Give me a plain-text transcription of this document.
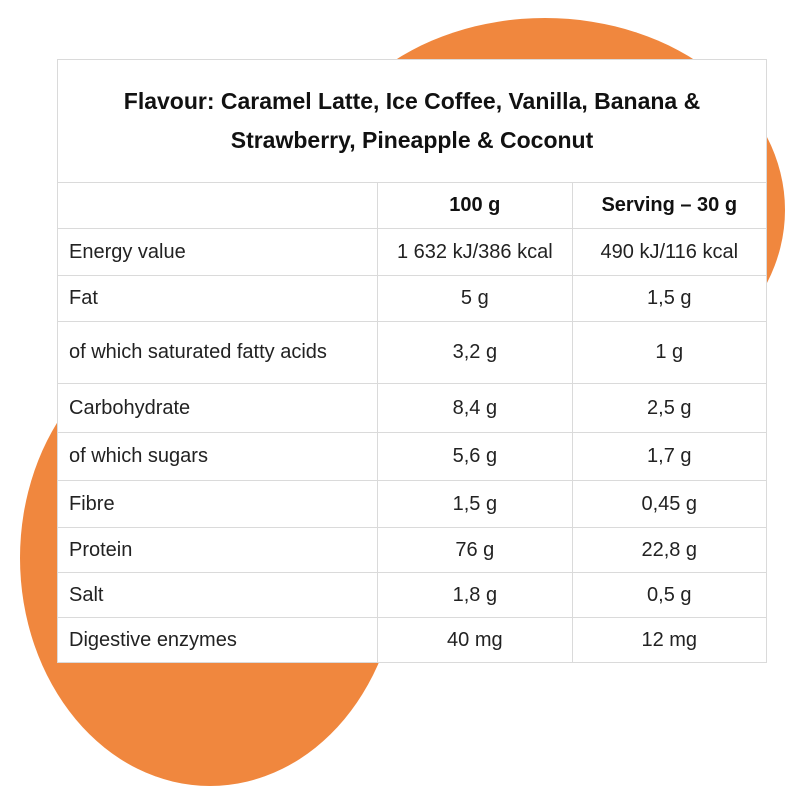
Flavour: Caramel Latte, Ice Coffee, Vanilla, Banana & Strawberry, Pineapple & Coconut
100 g	Serving – 30 g
Energy value	1 632 kJ/386 kcal	490 kJ/116 kcal
Fat	5 g	1,5 g
of which saturated fatty acids	3,2 g	1 g
Carbohydrate	8,4 g	2,5 g
of which sugars	5,6 g	1,7 g
Fibre	1,5 g	0,45 g
Protein	76 g	22,8 g
Salt	1,8 g	0,5 g
Digestive enzymes	40 mg	12 mg
